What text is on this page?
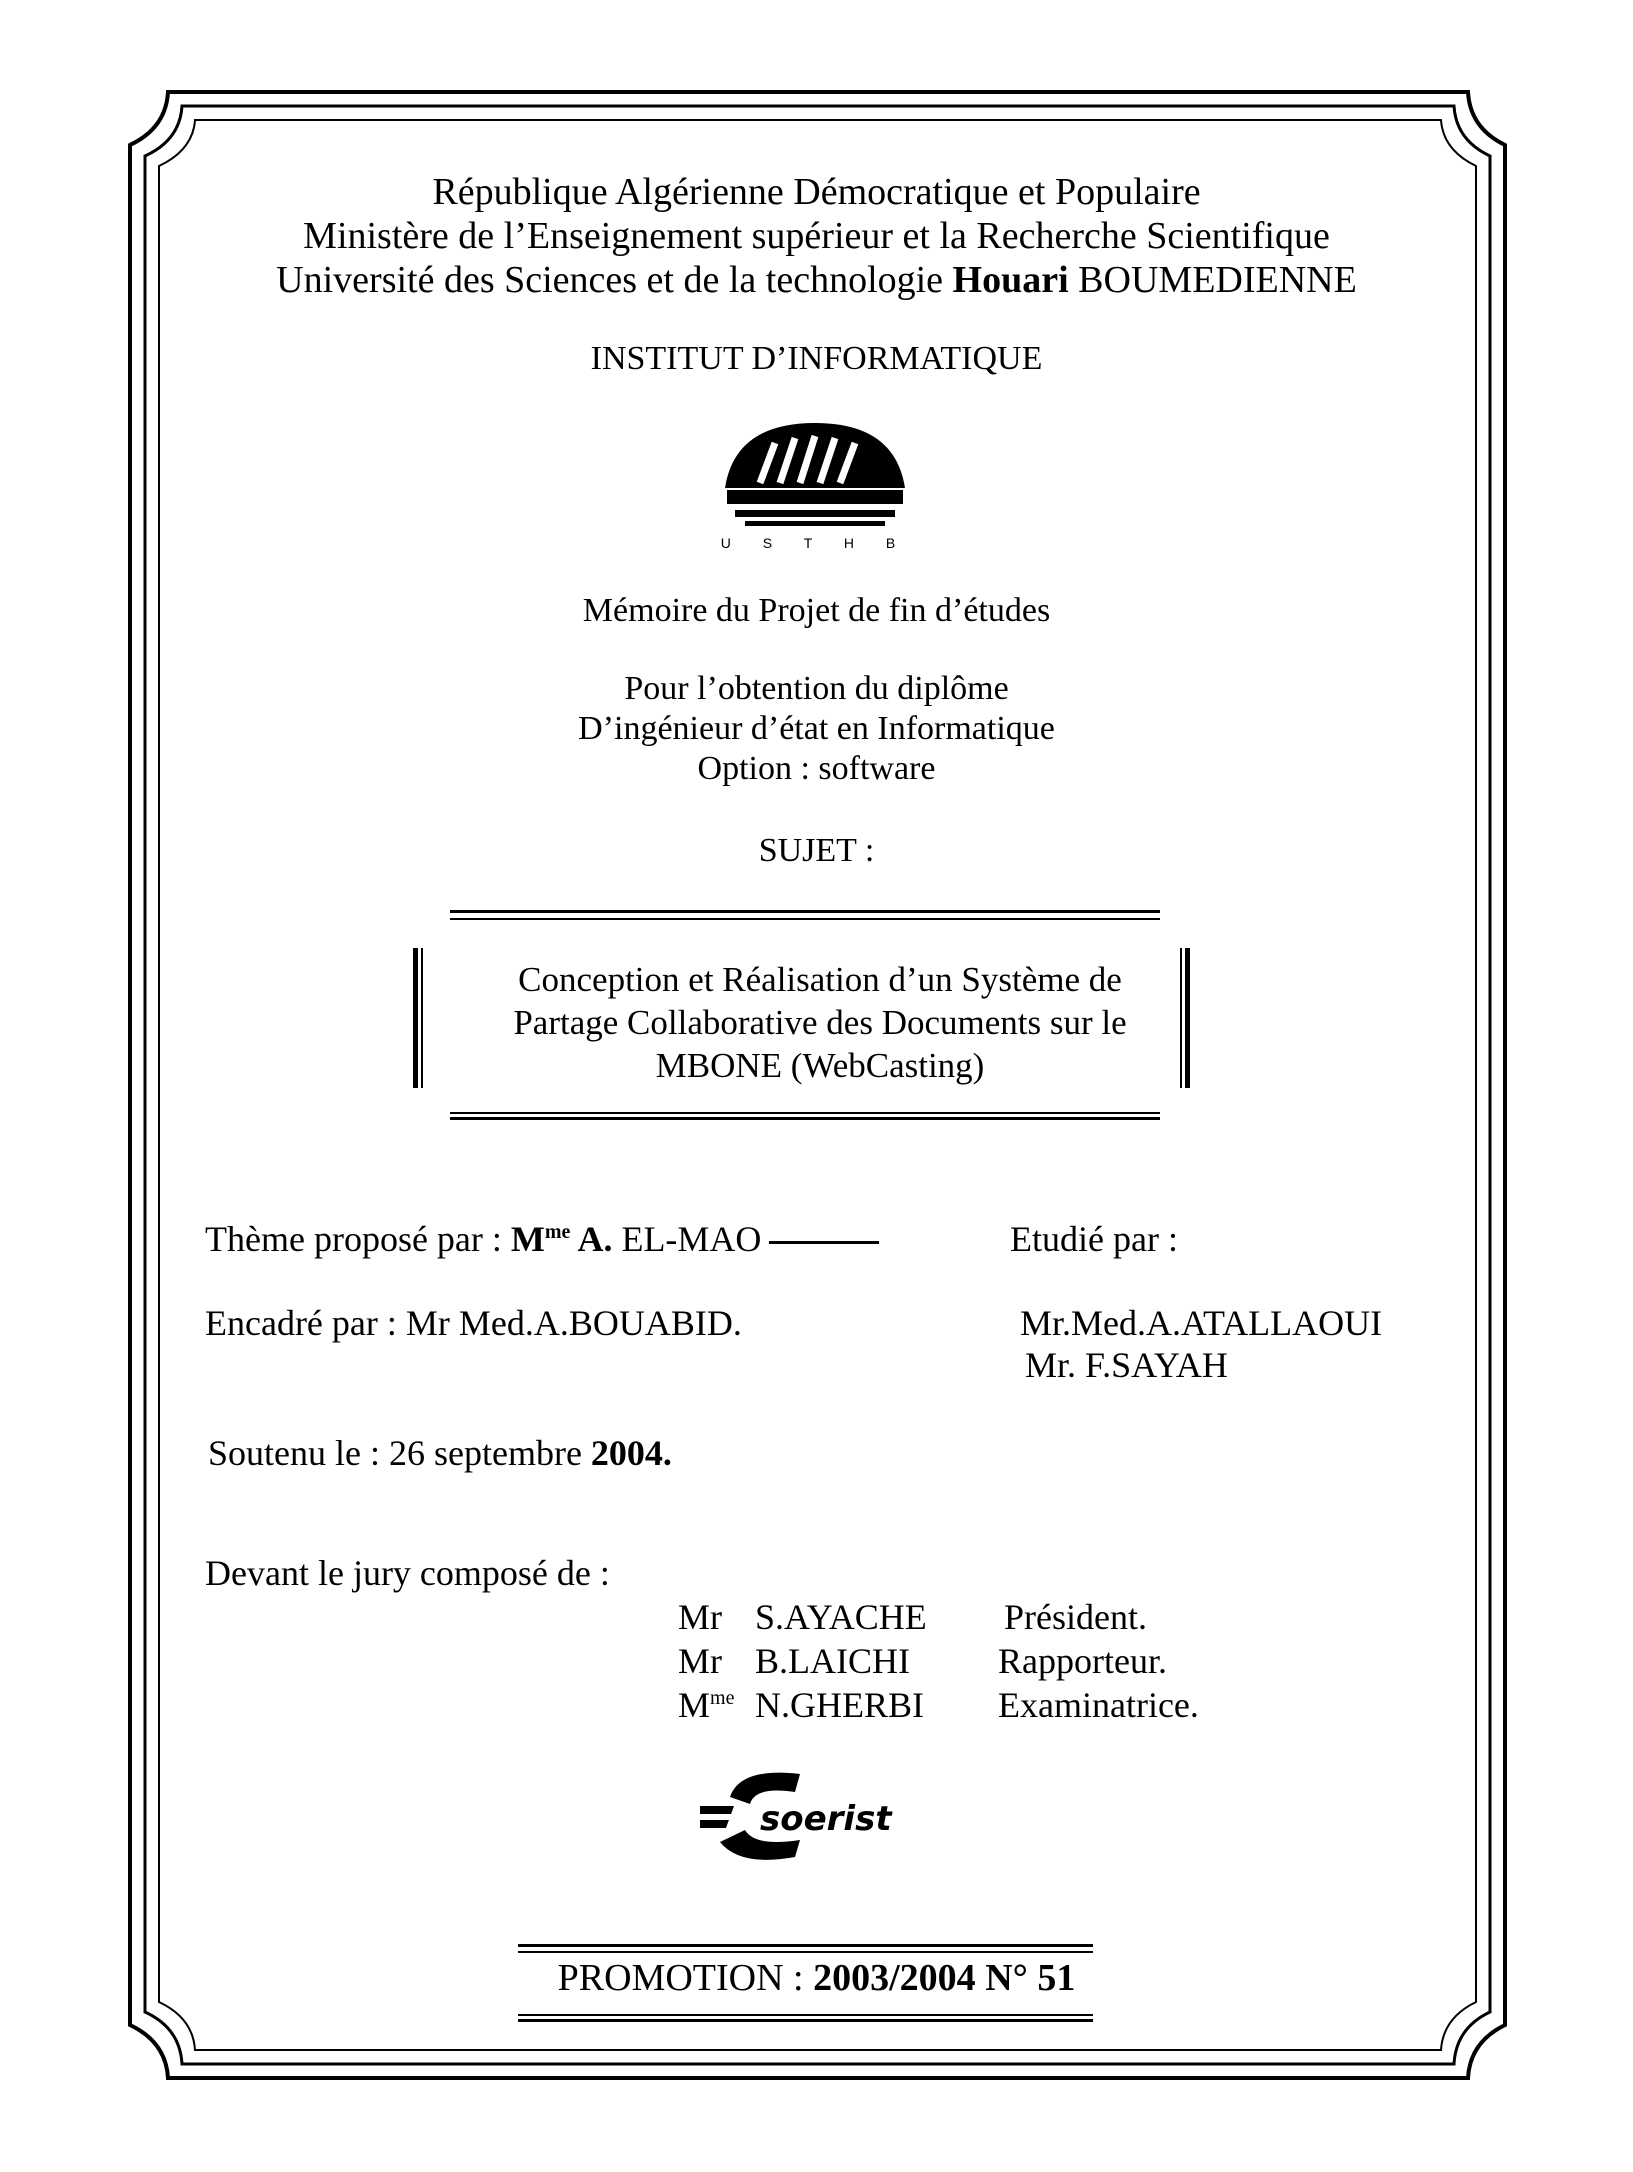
République Algérienne Démocratique et Populaire
Ministère de l’Enseignement supérieur et la Recherche Scientifique
Université des Sciences et de la technologie Houari BOUMEDIENNE
INSTITUT D’INFORMATIQUE
U S T H B
Mémoire du Projet de fin d’études
Pour l’obtention du diplôme
D’ingénieur d’état en Informatique
Option : software
SUJET :
Conception et Réalisation d’un Système de
Partage Collaborative des Documents sur le
MBONE (WebCasting)
Thème proposé par : $M^{me}$ A. EL-MAO	Etudié par :
Encadré par : Mr Med.A.BOUABID.	Mr.Med.A.ATALLAOUI
Mr. F.SAYAH
Soutenu le : 26 septembre 2004.
Devant le jury composé de :
Mr S.AYACHE Président.
Mr B.LAICHI Rapporteur.
$M^{me}$ N.GHERBI Examinatrice.
soerist
PROMOTION : 2003/2004 N° 51
